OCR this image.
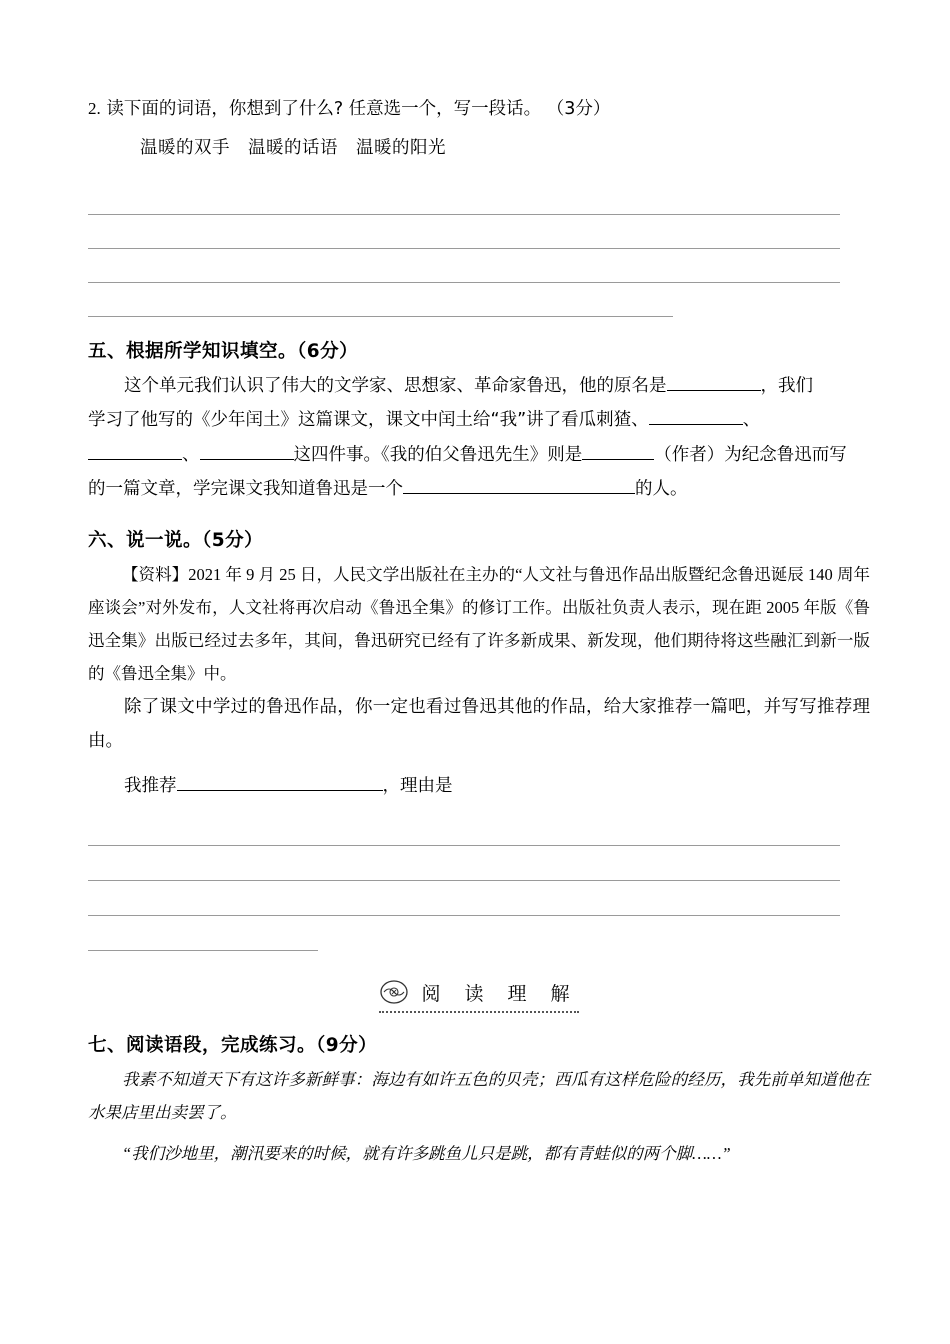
2. 读下面的词语，你想到了什么? 任意选一个，写一段话。 （3分）
温暖的双手　温暖的话语　温暖的阳光
五、根据所学知识填空。（6分）
这个单元我们认识了伟大的文学家、思想家、革命家鲁迅，他的原名是	，我们
学习了他写的《少年闰土》这篇课文，课文中闰土给“我”讲了看瓜刺猹、	、
、	这四件事。《我的伯父鲁迅先生》则是	（作者）为纪念鲁迅而写
的一篇文章，学完课文我知道鲁迅是一个	的人。
六、说一说。（5分）
【资料】2021 年 9 月 25 日，人民文学出版社在主办的“人文社与鲁迅作品出版暨纪念鲁迅诞辰 140 周年座谈会”对外发布，人文社将再次启动《鲁迅全集》的修订工作。出版社负责人表示，现在距 2005 年版《鲁迅全集》出版已经过去多年，其间，鲁迅研究已经有了许多新成果、新发现，他们期待将这些融汇到新一版的《鲁迅全集》中。
除了课文中学过的鲁迅作品，你一定也看过鲁迅其他的作品，给大家推荐一篇吧，并写写推荐理由。
我推荐	，理由是
阅 读 理 解
七、阅读语段，完成练习。（9分）
我素不知道天下有这许多新鲜事：海边有如许五色的贝壳；西瓜有这样危险的经历，我先前单知道他在水果店里出卖罢了。
“我们沙地里，潮汛要来的时候，就有许多跳鱼儿只是跳，都有青蛙似的两个脚……”
